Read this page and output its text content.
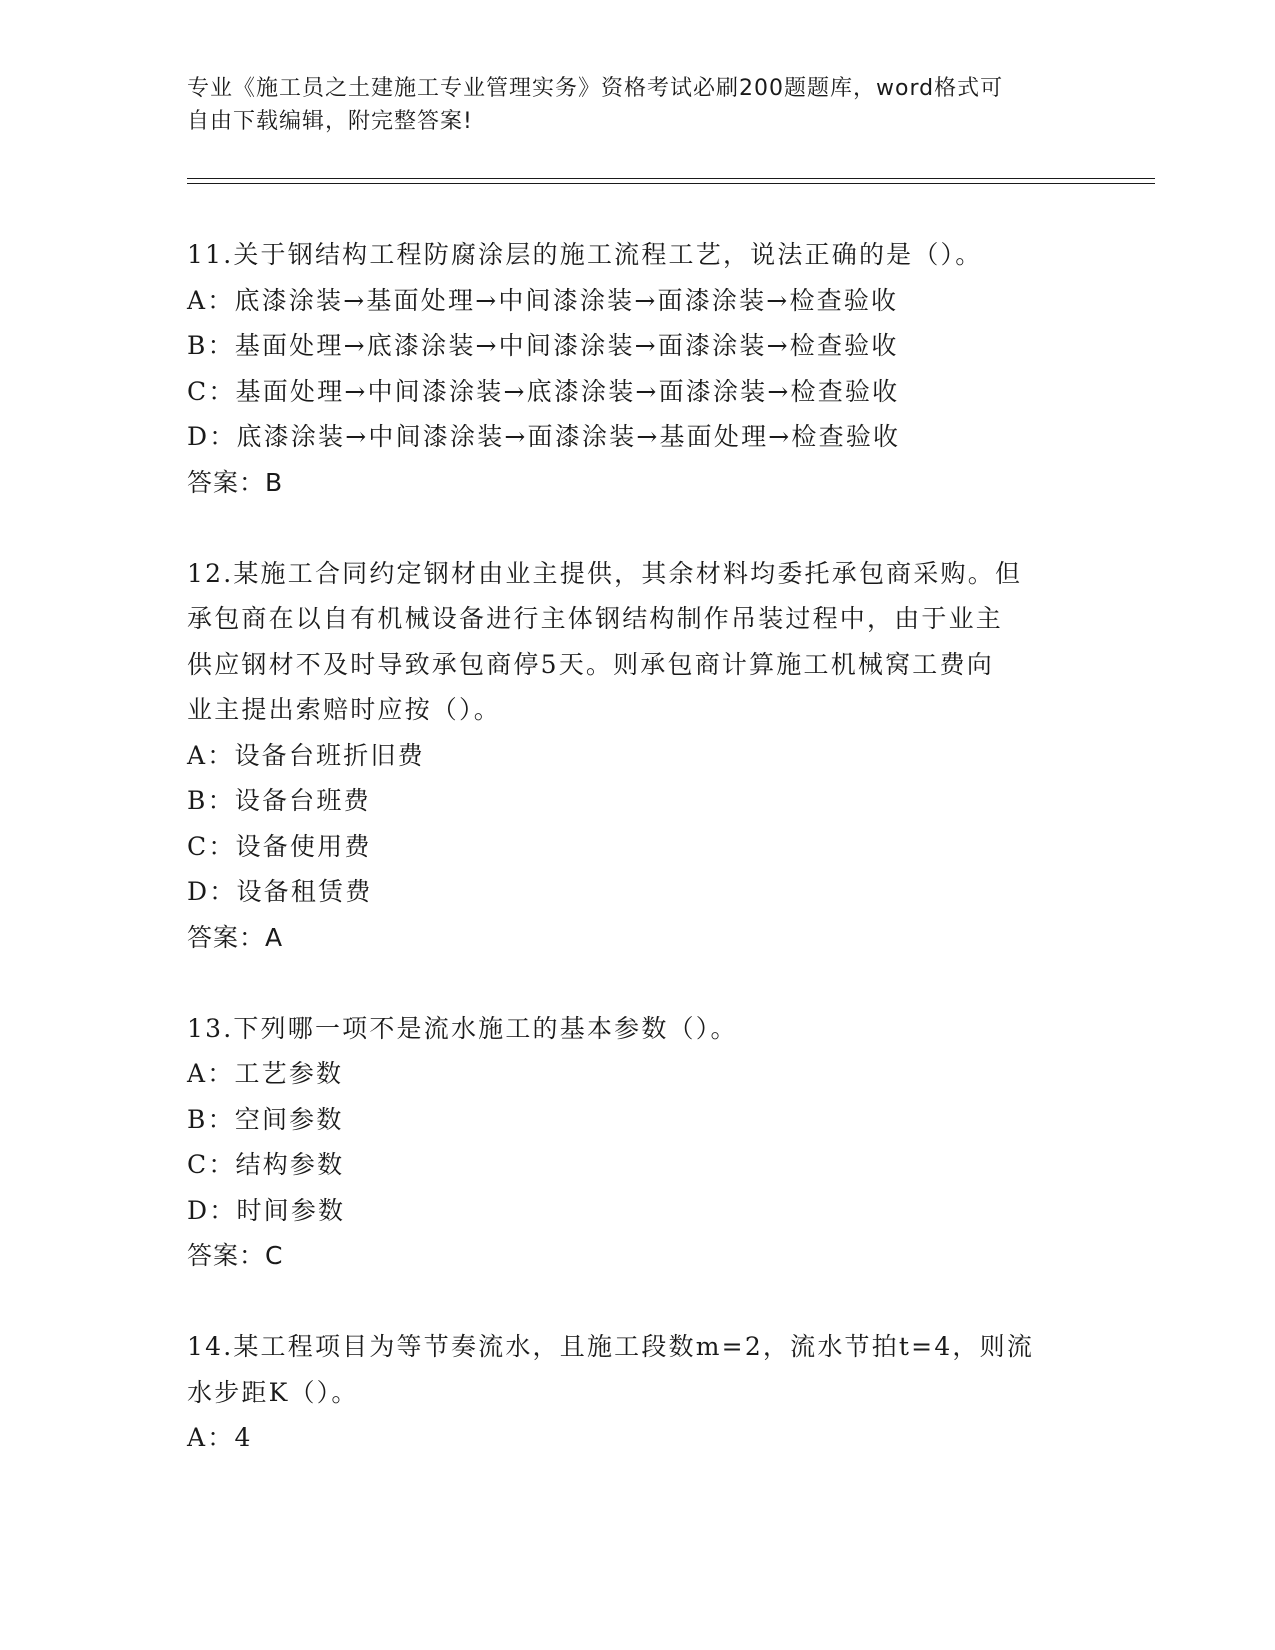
专业《施工员之土建施工专业管理实务》资格考试必刷200题题库，word格式可
自由下载编辑，附完整答案!

11.关于钢结构工程防腐涂层的施工流程工艺，说法正确的是（）。

A：底漆涂装→基面处理→中间漆涂装→面漆涂装→检查验收

B：基面处理→底漆涂装→中间漆涂装→面漆涂装→检查验收

C：基面处理→中间漆涂装→底漆涂装→面漆涂装→检查验收

D：底漆涂装→中间漆涂装→面漆涂装→基面处理→检查验收

答案：B

12.某施工合同约定钢材由业主提供，其余材料均委托承包商采购。但

承包商在以自有机械设备进行主体钢结构制作吊装过程中，由于业主

供应钢材不及时导致承包商停5天。则承包商计算施工机械窝工费向

业主提出索赔时应按（）。

A：设备台班折旧费

B：设备台班费

C：设备使用费

D：设备租赁费

答案：A

13.下列哪一项不是流水施工的基本参数（）。

A：工艺参数

B：空间参数

C：结构参数

D：时间参数

答案：C

14.某工程项目为等节奏流水，且施工段数m=2，流水节拍t=4，则流

水步距K（）。

A：4
